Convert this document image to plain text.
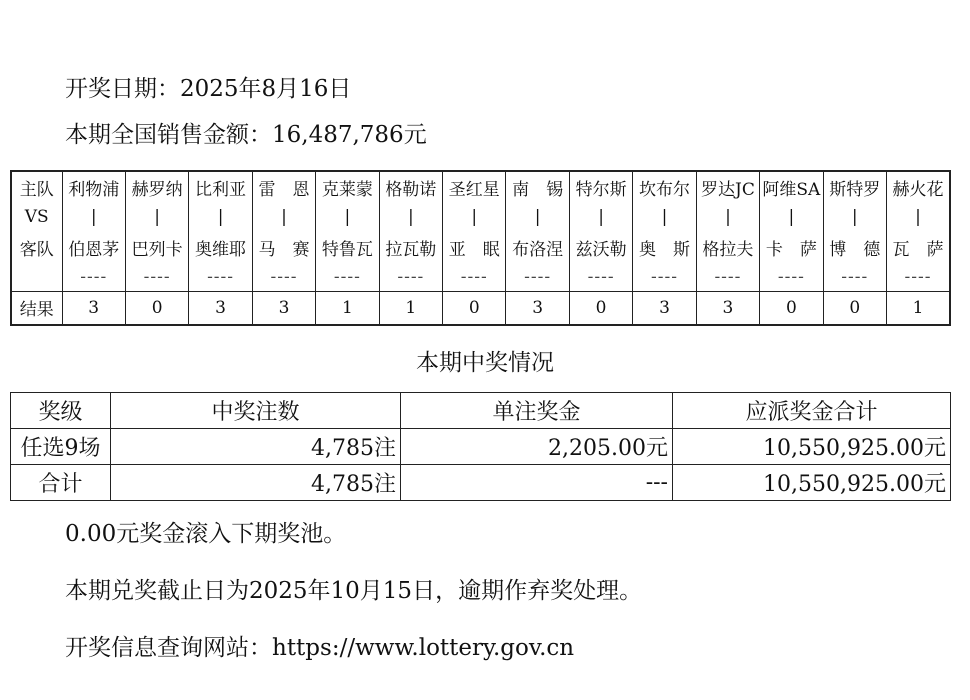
开奖日期：2025年8月16日
本期全国销售金额：16,487,786元
主队	利物浦	赫罗纳	比利亚	雷　恩	克莱蒙	格勒诺	圣红星	南　锡	特尔斯	坎布尔	罗达JC	阿维SA	斯特罗	赫火花
VS	|	|	|	|	|	|	|	|	|	|	|	|	|	|
客队	伯恩茅	巴列卡	奥维耶	马　赛	特鲁瓦	拉瓦勒	亚　眠	布洛涅	兹沃勒	奥　斯	格拉夫	卡　萨	博　德	瓦　萨
	----	----	----	----	----	----	----	----	----	----	----	----	----	----
结果	3	0	3	3	1	1	0	3	0	3	3	0	0	1
本期中奖情况
奖级	中奖注数	单注奖金	应派奖金合计
任选9场	4,785注	2,205.00元	10,550,925.00元
合计	4,785注	---	10,550,925.00元
0.00元奖金滚入下期奖池。
本期兑奖截止日为2025年10月15日，逾期作弃奖处理。
开奖信息查询网站：https://www.lottery.gov.cn
